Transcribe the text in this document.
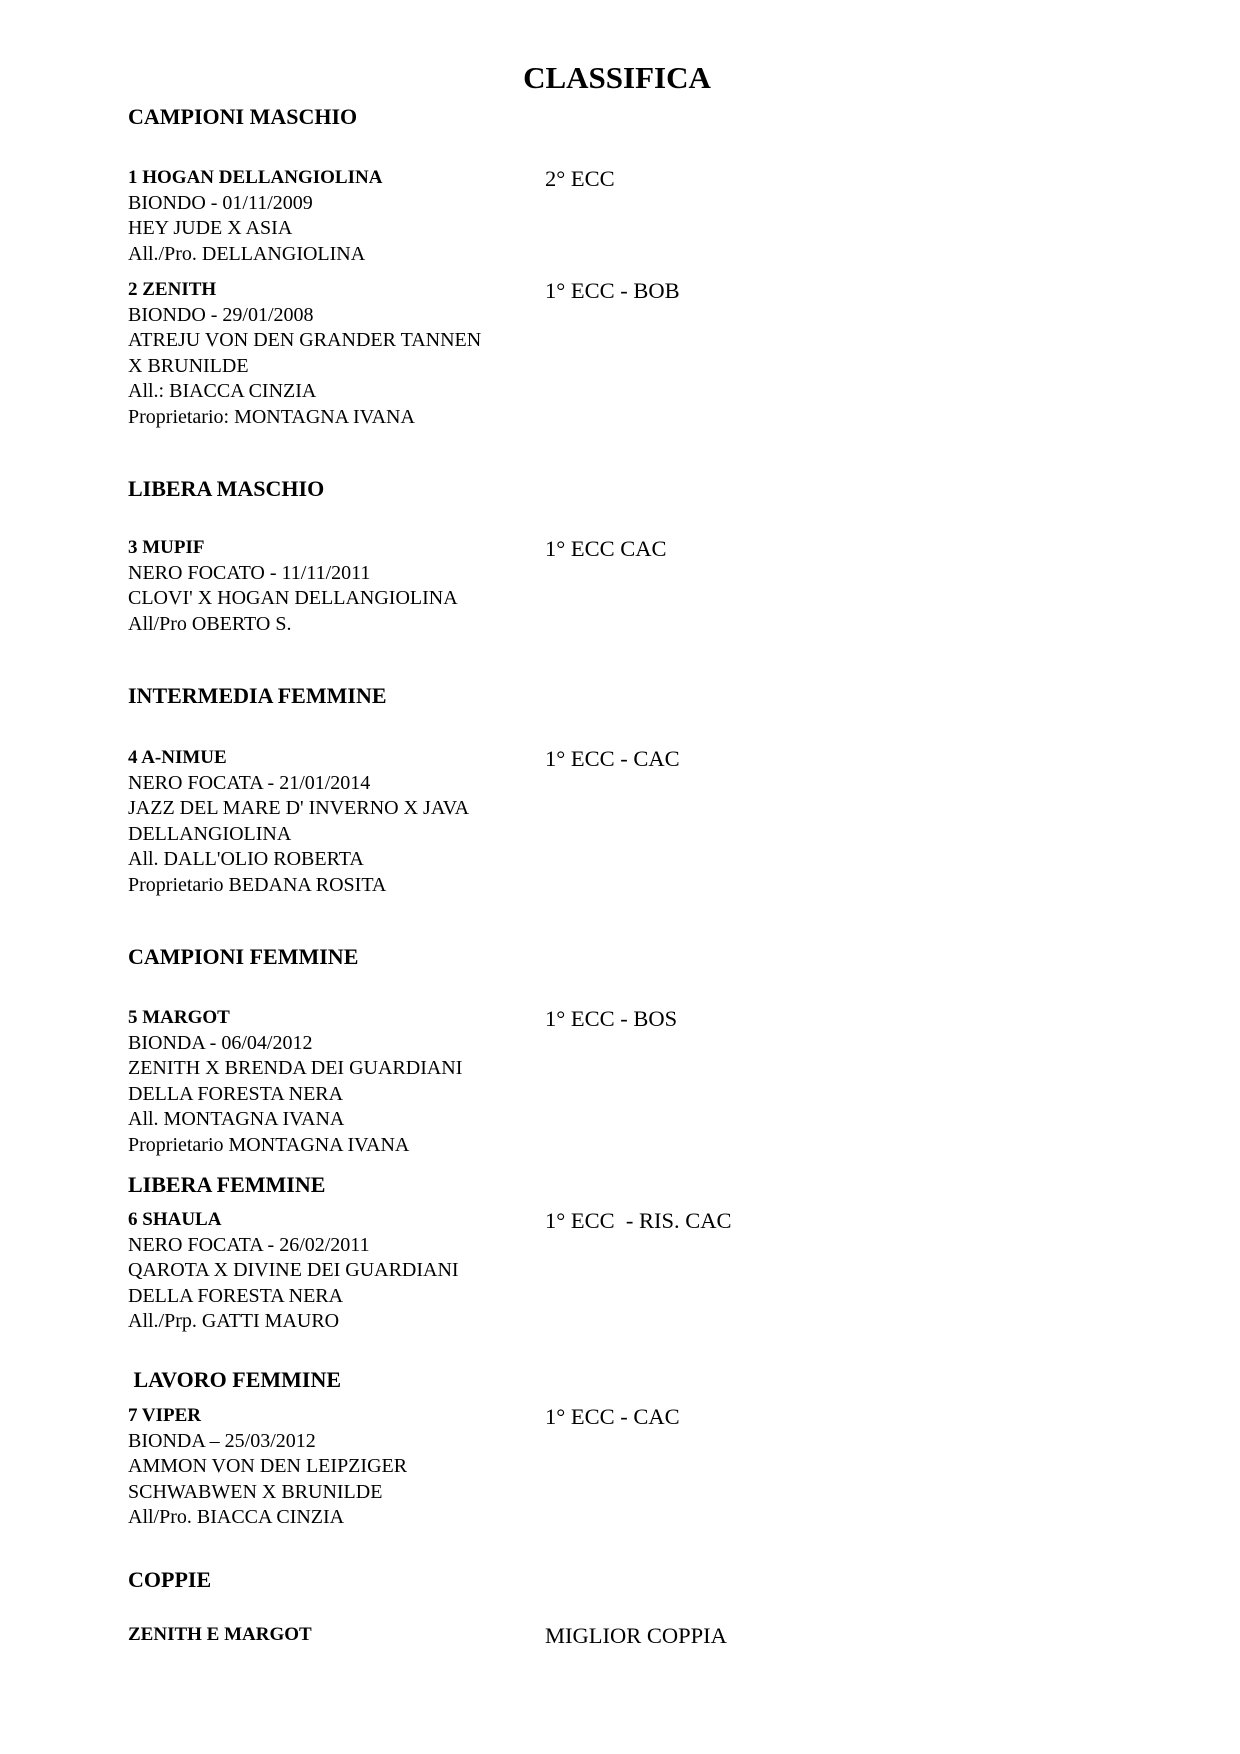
CLASSIFICA
CAMPIONI MASCHIO
1 HOGAN DELLANGIOLINA
BIONDO - 01/11/2009
HEY JUDE X ASIA
All./Pro. DELLANGIOLINA
2° ECC
2 ZENITH
BIONDO - 29/01/2008
ATREJU VON DEN GRANDER TANNEN
X BRUNILDE
All.: BIACCA CINZIA
Proprietario: MONTAGNA IVANA
1° ECC - BOB
LIBERA MASCHIO
3 MUPIF
NERO FOCATO - 11/11/2011
CLOVI' X HOGAN DELLANGIOLINA
All/Pro OBERTO S.
1° ECC CAC
INTERMEDIA FEMMINE
4 A-NIMUE
NERO FOCATA - 21/01/2014
JAZZ DEL MARE D' INVERNO X JAVA
DELLANGIOLINA
All. DALL'OLIO ROBERTA
Proprietario BEDANA ROSITA
1° ECC - CAC
CAMPIONI FEMMINE
5 MARGOT
BIONDA - 06/04/2012
ZENITH X BRENDA DEI GUARDIANI
DELLA FORESTA NERA
All. MONTAGNA IVANA
Proprietario MONTAGNA IVANA
1° ECC - BOS
LIBERA FEMMINE
6 SHAULA
NERO FOCATA - 26/02/2011
QAROTA X DIVINE DEI GUARDIANI
DELLA FORESTA NERA
All./Prp. GATTI MAURO
1° ECC  - RIS. CAC
LAVORO FEMMINE
7 VIPER
BIONDA – 25/03/2012
AMMON VON DEN LEIPZIGER
SCHWABWEN X BRUNILDE
All/Pro. BIACCA CINZIA
1° ECC - CAC
COPPIE
ZENITH E MARGOT	MIGLIOR COPPIA
